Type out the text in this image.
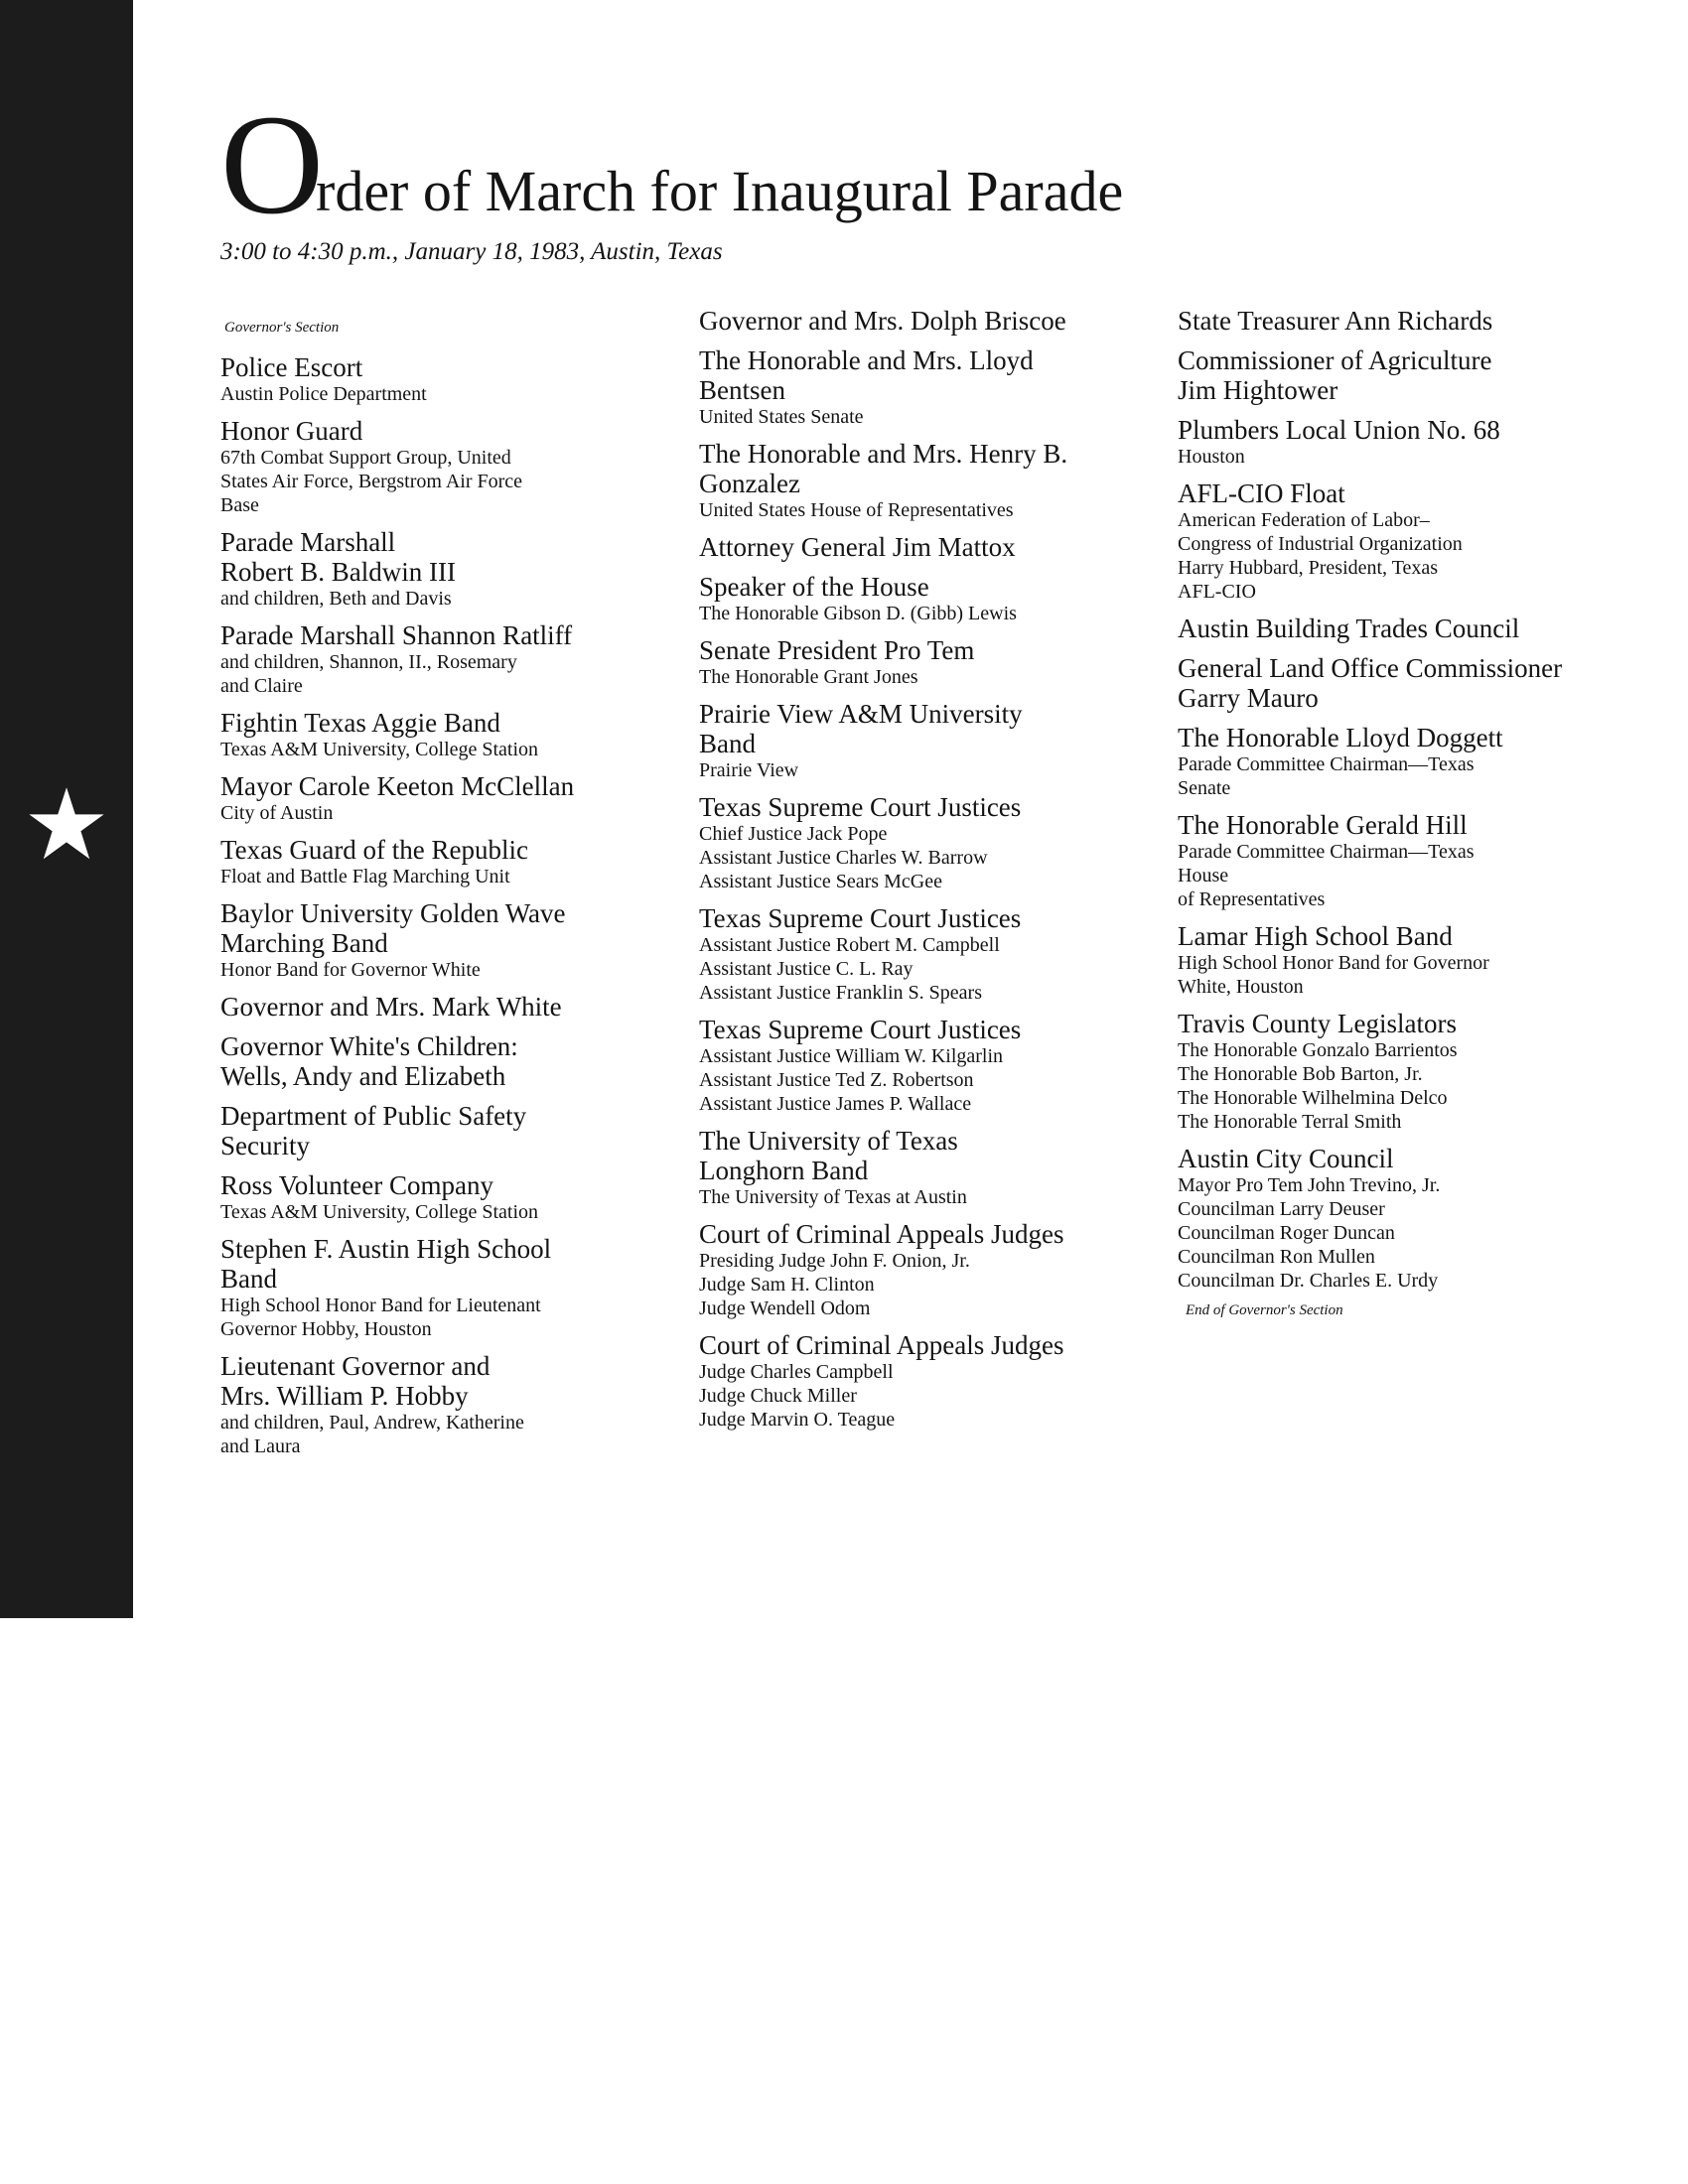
O rder of March for Inaugural Parade
3:00 to 4:30 p.m., January 18, 1983, Austin, Texas
Governor's Section
Police Escort
Austin Police Department
Honor Guard
67th Combat Support Group, United
States Air Force, Bergstrom Air Force
Base
Parade Marshall
Robert B. Baldwin III
and children, Beth and Davis
Parade Marshall Shannon Ratliff
and children, Shannon, II., Rosemary
and Claire
Fightin Texas Aggie Band
Texas A&M University, College Station
Mayor Carole Keeton McClellan
City of Austin
Texas Guard of the Republic
Float and Battle Flag Marching Unit
Baylor University Golden Wave
Marching Band
Honor Band for Governor White
Governor and Mrs. Mark White
Governor White's Children:
Wells, Andy and Elizabeth
Department of Public Safety
Security
Ross Volunteer Company
Texas A&M University, College Station
Stephen F. Austin High School
Band
High School Honor Band for Lieutenant
Governor Hobby, Houston
Lieutenant Governor and
Mrs. William P. Hobby
and children, Paul, Andrew, Katherine
and Laura
Governor and Mrs. Dolph Briscoe
The Honorable and Mrs. Lloyd
Bentsen
United States Senate
The Honorable and Mrs. Henry B.
Gonzalez
United States House of Representatives
Attorney General Jim Mattox
Speaker of the House
The Honorable Gibson D. (Gibb) Lewis
Senate President Pro Tem
The Honorable Grant Jones
Prairie View A&M University
Band
Prairie View
Texas Supreme Court Justices
Chief Justice Jack Pope
Assistant Justice Charles W. Barrow
Assistant Justice Sears McGee
Texas Supreme Court Justices
Assistant Justice Robert M. Campbell
Assistant Justice C. L. Ray
Assistant Justice Franklin S. Spears
Texas Supreme Court Justices
Assistant Justice William W. Kilgarlin
Assistant Justice Ted Z. Robertson
Assistant Justice James P. Wallace
The University of Texas
Longhorn Band
The University of Texas at Austin
Court of Criminal Appeals Judges
Presiding Judge John F. Onion, Jr.
Judge Sam H. Clinton
Judge Wendell Odom
Court of Criminal Appeals Judges
Judge Charles Campbell
Judge Chuck Miller
Judge Marvin O. Teague
State Treasurer Ann Richards
Commissioner of Agriculture
Jim Hightower
Plumbers Local Union No. 68
Houston
AFL-CIO Float
American Federation of Labor–
Congress of Industrial Organization
Harry Hubbard, President, Texas
AFL-CIO
Austin Building Trades Council
General Land Office Commissioner
Garry Mauro
The Honorable Lloyd Doggett
Parade Committee Chairman—Texas
Senate
The Honorable Gerald Hill
Parade Committee Chairman—Texas
House
of Representatives
Lamar High School Band
High School Honor Band for Governor
White, Houston
Travis County Legislators
The Honorable Gonzalo Barrientos
The Honorable Bob Barton, Jr.
The Honorable Wilhelmina Delco
The Honorable Terral Smith
Austin City Council
Mayor Pro Tem John Trevino, Jr.
Councilman Larry Deuser
Councilman Roger Duncan
Councilman Ron Mullen
Councilman Dr. Charles E. Urdy
End of Governor's Section
